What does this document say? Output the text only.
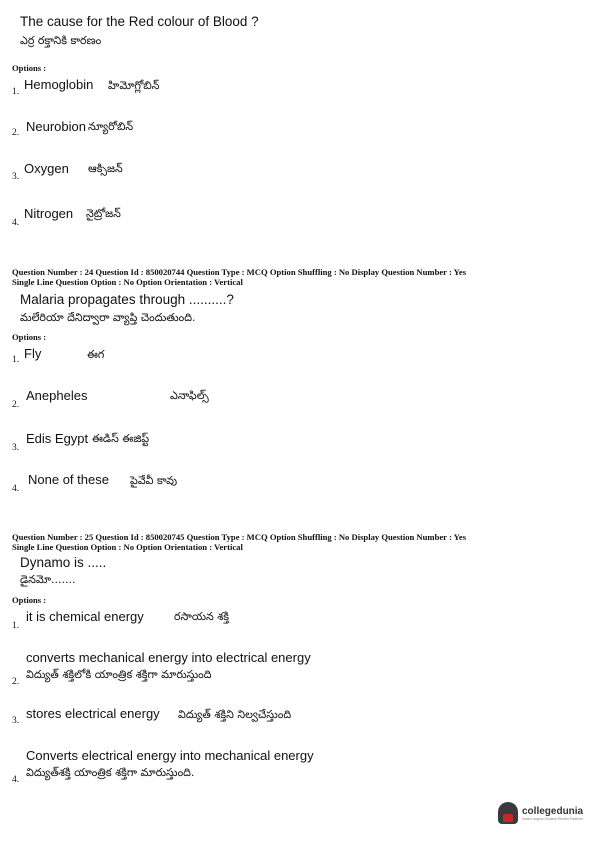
The cause for the Red colour of Blood ?
ఎర్ర రక్తానికి కారణం
Options :
1. Hemoglobin హిమోగ్లోబిన్
2. Neurobion న్యూరోబిన్
3.
Oxygen ఆక్సిజన్
4.
Nitrogen నైట్రోజన్
Question Number : 24 Question Id : 850020744 Question Type : MCQ Option Shuffling : No Display Question Number : Yes
Single Line Question Option : No Option Orientation : Vertical
Malaria propagates through ..........?
మలేరియా దేనిద్వారా వ్యాప్తి చెందుతుంది.
Options :
1. Fly	ఈగ
2.
Anepheles	ఎనాఫిల్స్
3.
Edis Egypt ఈడిస్ ఈజిప్ట్
4.
None of these పైవేవీ కావు
Question Number : 25 Question Id : 850020745 Question Type : MCQ Option Shuffling : No Display Question Number : Yes
Single Line Question Option : No Option Orientation : Vertical
Dynamo is .....
డైనమో.......
Options :
1.
it is chemical energy	రసాయన శక్తి
converts mechanical energy into electrical energy
2.
విద్యుత్ శక్తిలోకి యాంత్రిక శక్తిగా మారుస్తుంది
3. stores electrical energy విద్యుత్ శక్తిని నిల్వచేస్తుంది
Converts electrical energy into mechanical energy
4.
విద్యుత్‌శక్తి యాంత్రిక శక్తిగా మారుస్తుంది.
collegedunia
India's largest Student Review Platform
